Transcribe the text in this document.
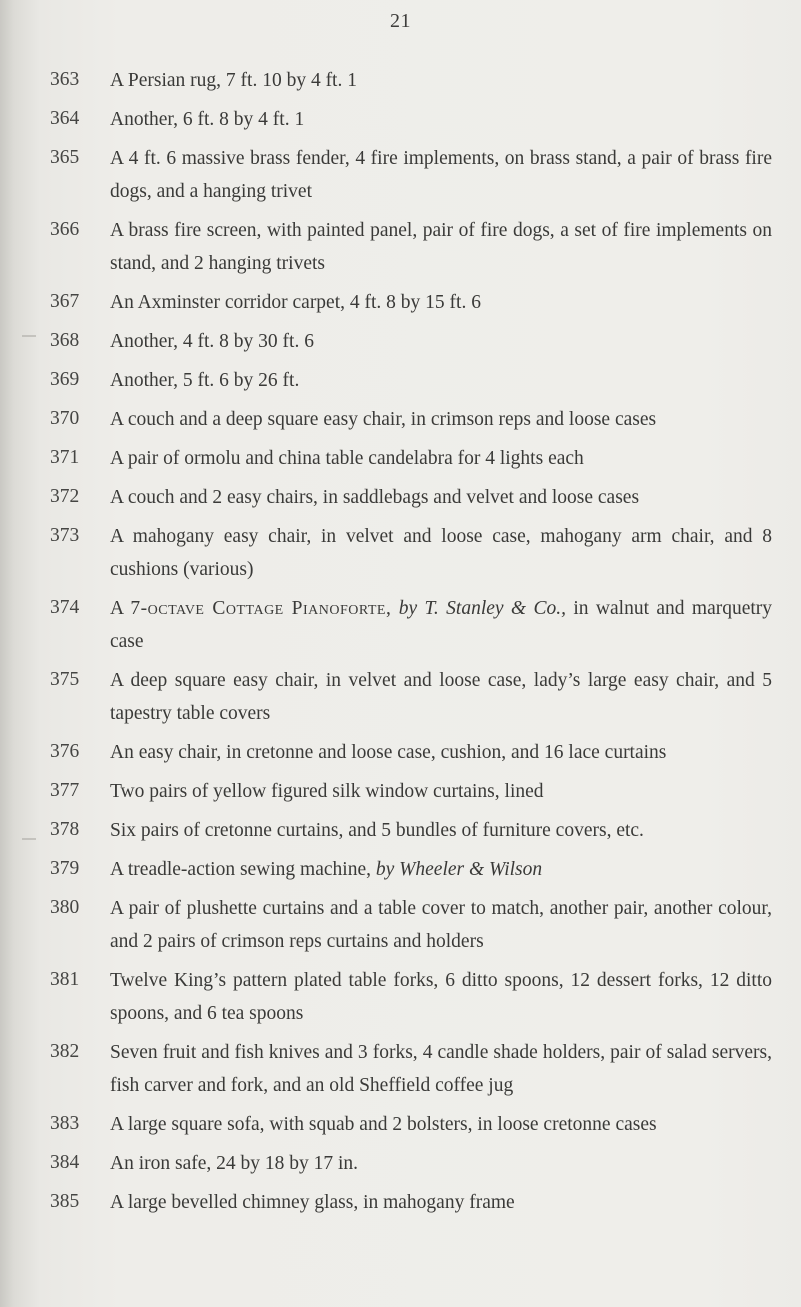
21
363	A Persian rug, 7 ft. 10 by 4 ft. 1
364	Another, 6 ft. 8 by 4 ft. 1
365	A 4 ft. 6 massive brass fender, 4 fire implements, on brass stand, a pair of brass fire dogs, and a hanging trivet
366	A brass fire screen, with painted panel, pair of fire dogs, a set of fire implements on stand, and 2 hanging trivets
367	An Axminster corridor carpet, 4 ft. 8 by 15 ft. 6
368	Another, 4 ft. 8 by 30 ft. 6
369	Another, 5 ft. 6 by 26 ft.
370	A couch and a deep square easy chair, in crimson reps and loose cases
371	A pair of ormolu and china table candelabra for 4 lights each
372	A couch and 2 easy chairs, in saddlebags and velvet and loose cases
373	A mahogany easy chair, in velvet and loose case, mahogany arm chair, and 8 cushions (various)
374	A 7-octave Cottage Pianoforte, by T. Stanley & Co., in walnut and marquetry case
375	A deep square easy chair, in velvet and loose case, lady’s large easy chair, and 5 tapestry table covers
376	An easy chair, in cretonne and loose case, cushion, and 16 lace curtains
377	Two pairs of yellow figured silk window curtains, lined
378	Six pairs of cretonne curtains, and 5 bundles of furniture covers, etc.
379	A treadle-action sewing machine, by Wheeler & Wilson
380	A pair of plushette curtains and a table cover to match, another pair, another colour, and 2 pairs of crimson reps curtains and holders
381	Twelve King’s pattern plated table forks, 6 ditto spoons, 12 dessert forks, 12 ditto spoons, and 6 tea spoons
382	Seven fruit and fish knives and 3 forks, 4 candle shade holders, pair of salad servers, fish carver and fork, and an old Sheffield coffee jug
383	A large square sofa, with squab and 2 bolsters, in loose cretonne cases
384	An iron safe, 24 by 18 by 17 in.
385	A large bevelled chimney glass, in mahogany frame
